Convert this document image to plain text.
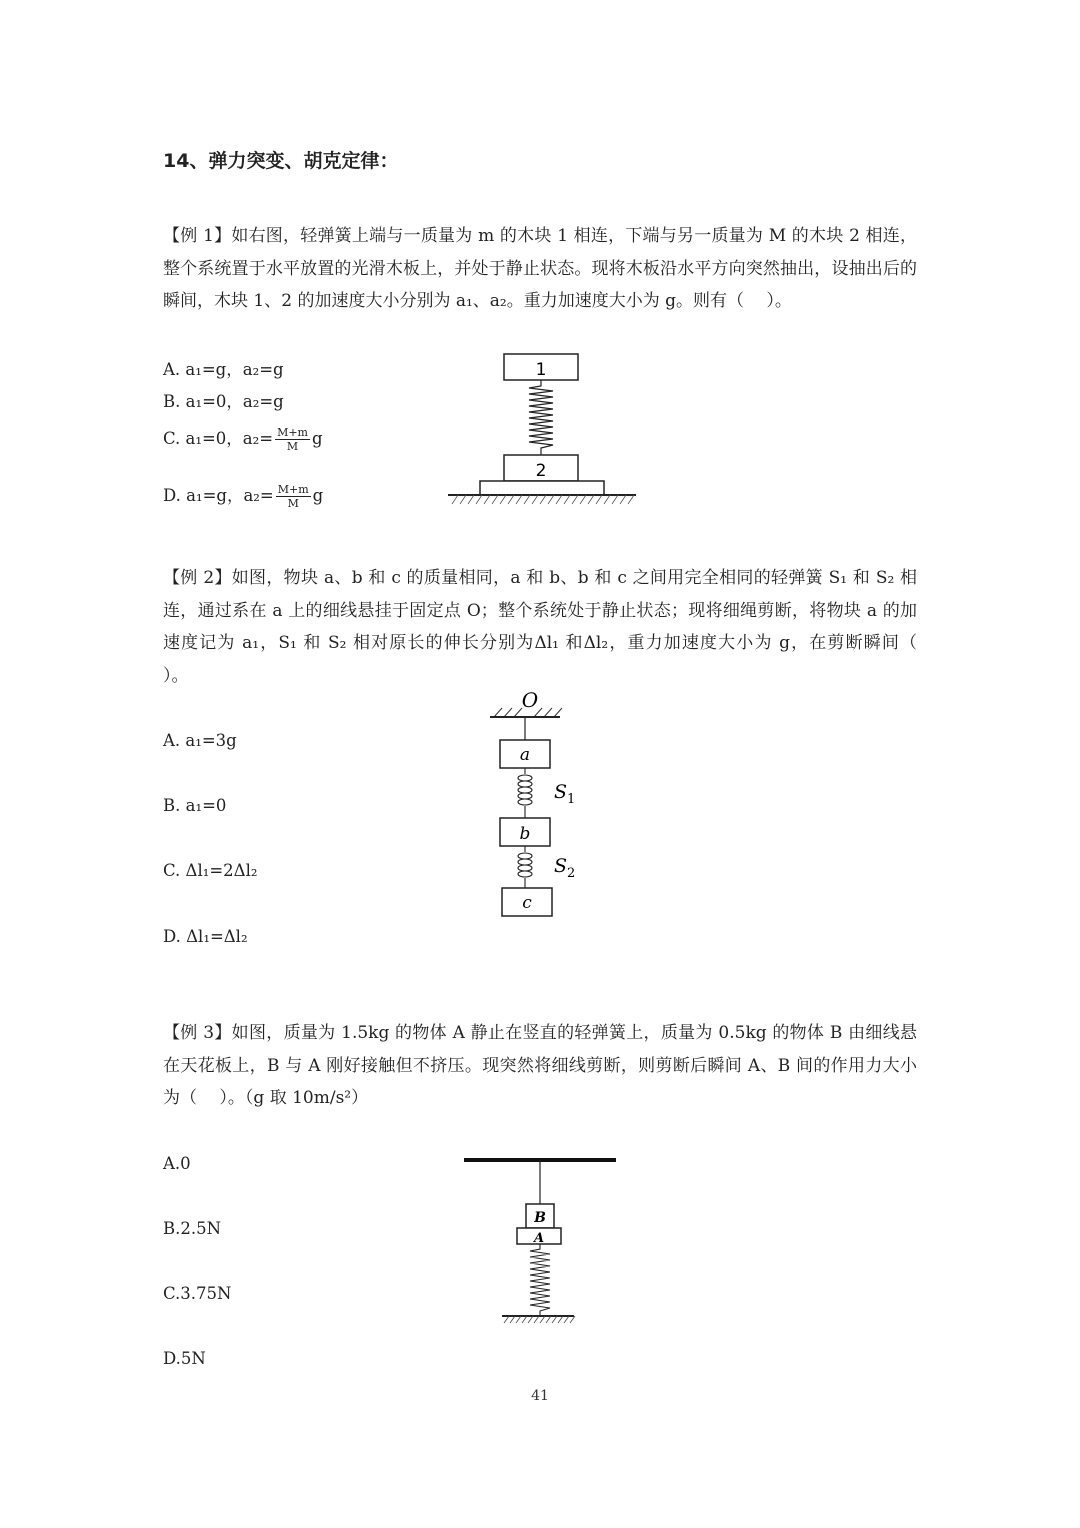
14、弹力突变、胡克定律：
【例 1】如右图，轻弹簧上端与一质量为 m 的木块 1 相连，下端与另一质量为 M 的木块 2 相连，整个系统置于水平放置的光滑木板上，并处于静止状态。现将木板沿水平方向突然抽出，设抽出后的瞬间，木块 1、2 的加速度大小分别为 a₁、a₂。重力加速度大小为 g。则有（　 ）。
A. a₁=g，a₂=g
B. a₁=0，a₂=g
C. a₁=0，$a_2= \frac{M+m}{M}$ g
D. a₁=g，$a_2= \frac{M+m}{M}$ g
1
2
【例 2】如图，物块 a、b 和 c 的质量相同，a 和 b、b 和 c 之间用完全相同的轻弹簧 S₁ 和 S₂ 相连，通过系在 a 上的细线悬挂于固定点 O；整个系统处于静止状态；现将细绳剪断，将物块 a 的加速度记为 a₁，S₁ 和 S₂ 相对原长的伸长分别为Δl₁ 和Δl₂，重力加速度大小为 g，在剪断瞬间（　 ）。
A. a₁=3g
B. a₁=0
C. Δl₁=2Δl₂
D. Δl₁=Δl₂
O
a
$S_1$
b
$S_2$
c
【例 3】如图，质量为 1.5kg 的物体 A 静止在竖直的轻弹簧上，质量为 0.5kg 的物体 B 由细线悬在天花板上，B 与 A 刚好接触但不挤压。现突然将细线剪断，则剪断后瞬间 A、B 间的作用力大小为（　 ）。（g 取 10m/s²）
A.0
B.2.5N
C.3.75N
D.5N
B
A
41
